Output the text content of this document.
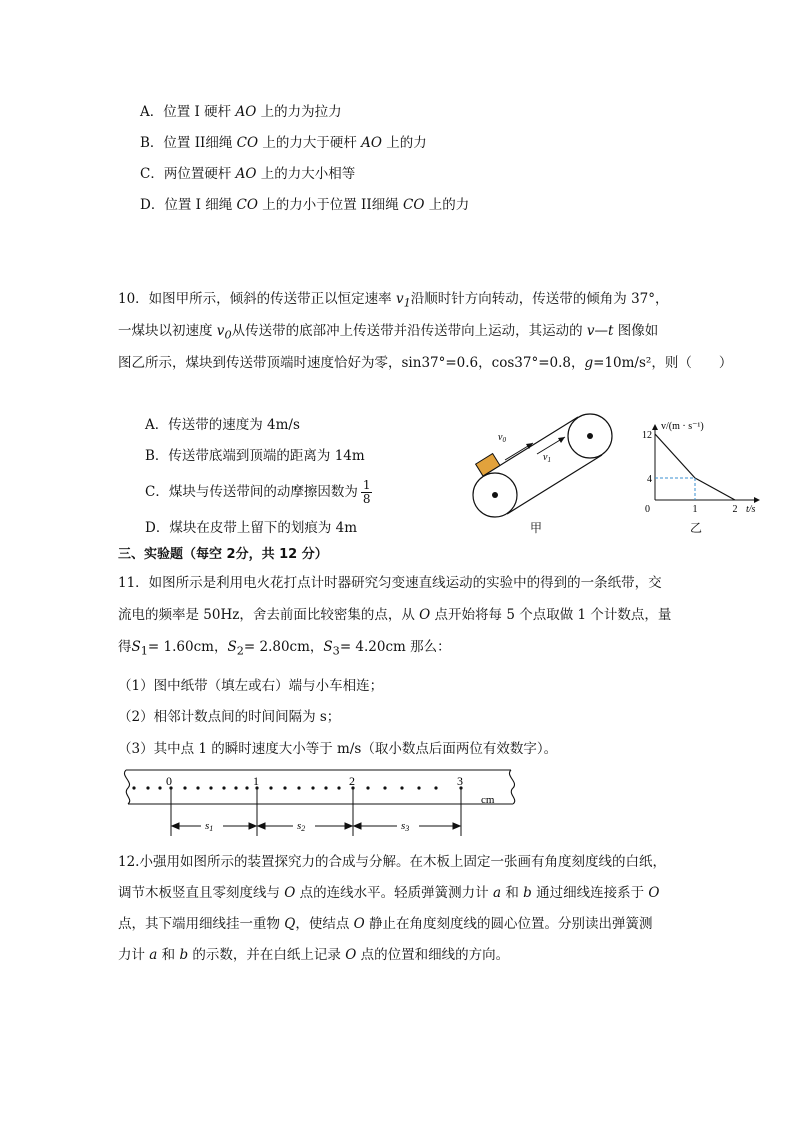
A．位置 I 硬杆 AO 上的力为拉力
B．位置 II细绳 CO 上的力大于硬杆 AO 上的力
C．两位置硬杆 AO 上的力大小相等
D．位置 I 细绳 CO 上的力小于位置 II细绳 CO 上的力
10．如图甲所示，倾斜的传送带正以恒定速率 $v_1$沿顺时针方向转动，传送带的倾角为 37°，
一煤块以初速度 $v_0$从传送带的底部冲上传送带并沿传送带向上运动，其运动的 v—t 图像如
图乙所示，煤块到传送带顶端时速度恰好为零，sin37°=0.6，cos37°=0.8，g=10m/s²，则（　　）
A．传送带的速度为 4m/s
B．传送带底端到顶端的距离为 14m
C．煤块与传送带间的动摩擦因数为 $\frac{1}{8}$
D．煤块在皮带上留下的划痕为 4m
$v_0$
$v_1$
甲
v/(m · s⁻¹)
t/s
0
12
4
1	2
乙
三、实验题（每空 2分，共 12 分）
11．如图所示是利用电火花打点计时器研究匀变速直线运动的实验中的得到的一条纸带，交
流电的频率是 50Hz，舍去前面比较密集的点，从 O 点开始将每 5 个点取做 1 个计数点，量
得$S_1= 1.60cm$，$S_2= 2.80cm$，$S_3= 4.20cm$ 那么：
（1）图中纸带（填左或右）端与小车相连；
（2）相邻计数点间的时间间隔为 s；
（3）其中点 1 的瞬时速度大小等于 m/s（取小数点后面两位有效数字）。
0	1	2	3
cm
s1	s2	s3
12.小强用如图所示的装置探究力的合成与分解。在木板上固定一张画有角度刻度线的白纸，
调节木板竖直且零刻度线与 O 点的连线水平。轻质弹簧测力计 a 和 b 通过细线连接系于 O
点，其下端用细线挂一重物 Q，使结点 O 静止在角度刻度线的圆心位置。分别读出弹簧测
力计 a 和 b 的示数，并在白纸上记录 O 点的位置和细线的方向。
